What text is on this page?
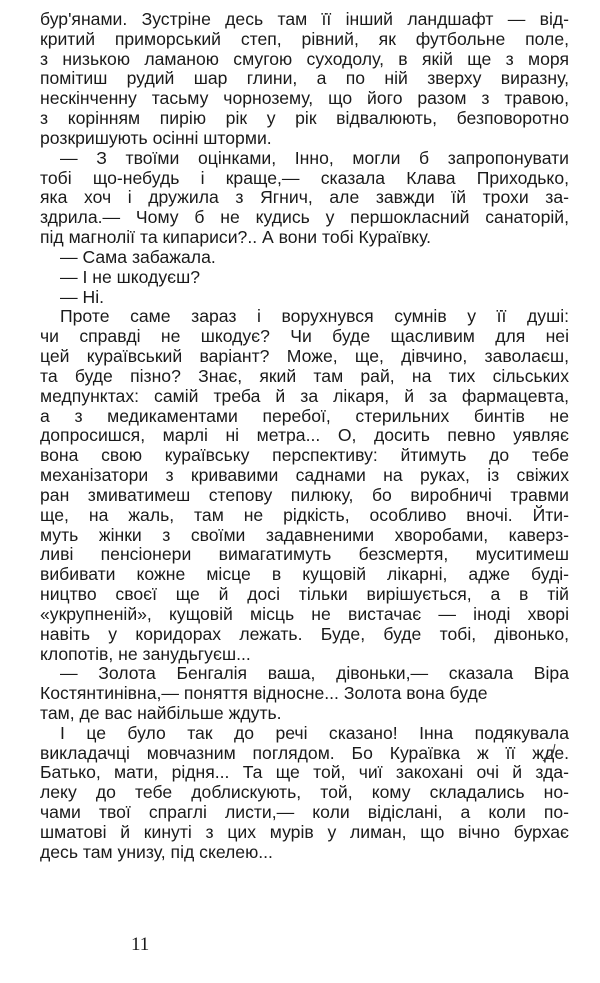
бур'янами. Зустріне десь там її інший ландшафт — від-
критий приморський степ, рівний, як футбольне поле,
з низькою ламаною смугою суходолу, в якій ще з моря
помітиш рудий шар глини, а по ній зверху виразну,
нескінченну тасьму чорнозему, що його разом з травою,
з корінням пирію рік у рік відвалюють, безповоротно
розкришують осінні шторми.
— З твоїми оцінками, Інно, могли б запропонувати
тобі що-небудь і краще,— сказала Клава Приходько,
яка хоч і дружила з Ягнич, але завжди їй трохи за-
здрила.— Чому б не кудись у першокласний санаторій,
під магнолії та кипариси?.. А вони тобі Кураївку.
— Сама забажала.
— І не шкодуєш?
— Ні.
Проте саме зараз і ворухнувся сумнів у її душі:
чи справді не шкодує? Чи буде щасливим для неі
цей кураївський варіант? Може, ще, дівчино, заволаєш,
та буде пізно? Знає, який там рай, на тих сільських
медпунктах: самій треба й за лікаря, й за фармацевта,
а з медикаментами перебої, стерильних бинтів не
допросишся, марлі ні метра... О, досить певно уявляє
вона свою кураївську перспективу: йтимуть до тебе
механізатори з кривавими саднами на руках, із свіжих
ран змиватимеш степову пилюку, бо виробничі травми
ще, на жаль, там не рідкість, особливо вночі. Йти-
муть жінки з своїми задавненими хворобами, каверз-
ливі пенсіонери вимагатимуть безсмертя, муситимеш
вибивати кожне місце в кущовій лікарні, адже буді-
ництво своєї ще й досі тільки вирішується, а в тій
«укрупненій», кущовій місць не вистачає — іноді хворі
навіть у коридорах лежать. Буде, буде тобі, дівонько,
клопотів, не занудьгуєш...
— Золота Бенгалія ваша, дівоньки,— сказала Віра
Костянтинівна,— поняття відносне... Золота вона буде
там, де вас найбільше ждуть.
І це було так до речі сказано! Інна подякувала
викладачці мовчазним поглядом. Бо Кураївка ж її жде.
Батько, мати, рідня... Та ще той, чиї закохані очі й зда-
леку до тебе доблискують, той, кому складались но-
чами твої спраглі листи,— коли відіслані, а коли по-
шматові й кинуті з цих мурів у лиман, що вічно бурхає
десь там унизу, під скелею...
11
